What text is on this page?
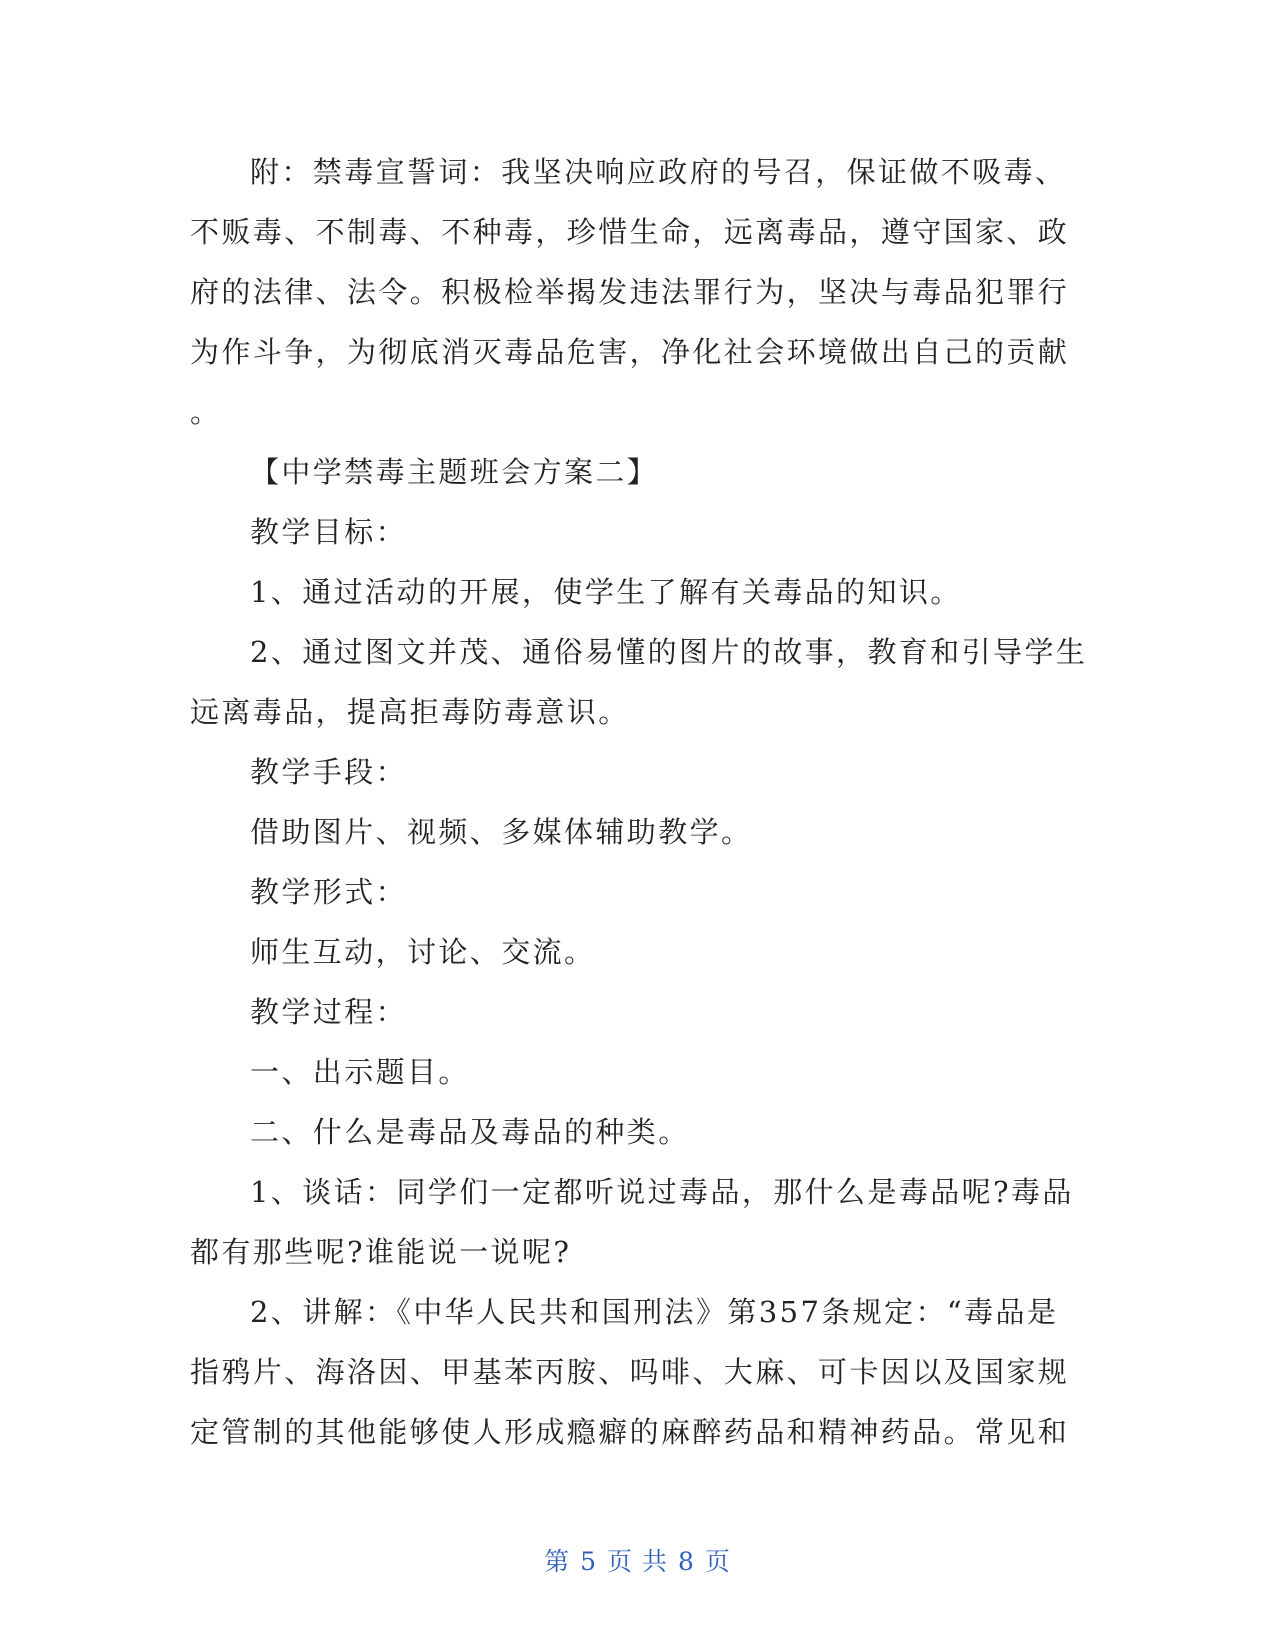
附：禁毒宣誓词：我坚决响应政府的号召，保证做不吸毒、

不贩毒、不制毒、不种毒，珍惜生命，远离毒品，遵守国家、政

府的法律、法令。积极检举揭发违法罪行为，坚决与毒品犯罪行

为作斗争，为彻底消灭毒品危害，净化社会环境做出自己的贡献

。

【中学禁毒主题班会方案二】

教学目标：

1、通过活动的开展，使学生了解有关毒品的知识。

2、通过图文并茂、通俗易懂的图片的故事，教育和引导学生

远离毒品，提高拒毒防毒意识。

教学手段：

借助图片、视频、多媒体辅助教学。

教学形式：

师生互动，讨论、交流。

教学过程：

一、出示题目。

二、什么是毒品及毒品的种类。

1、谈话：同学们一定都听说过毒品，那什么是毒品呢?毒品

都有那些呢?谁能说一说呢?

2、讲解：《中华人民共和国刑法》第357条规定：“毒品是

指鸦片、海洛因、甲基苯丙胺、吗啡、大麻、可卡因以及国家规

定管制的其他能够使人形成瘾癖的麻醉药品和精神药品。常见和

第 5 页 共 8 页
